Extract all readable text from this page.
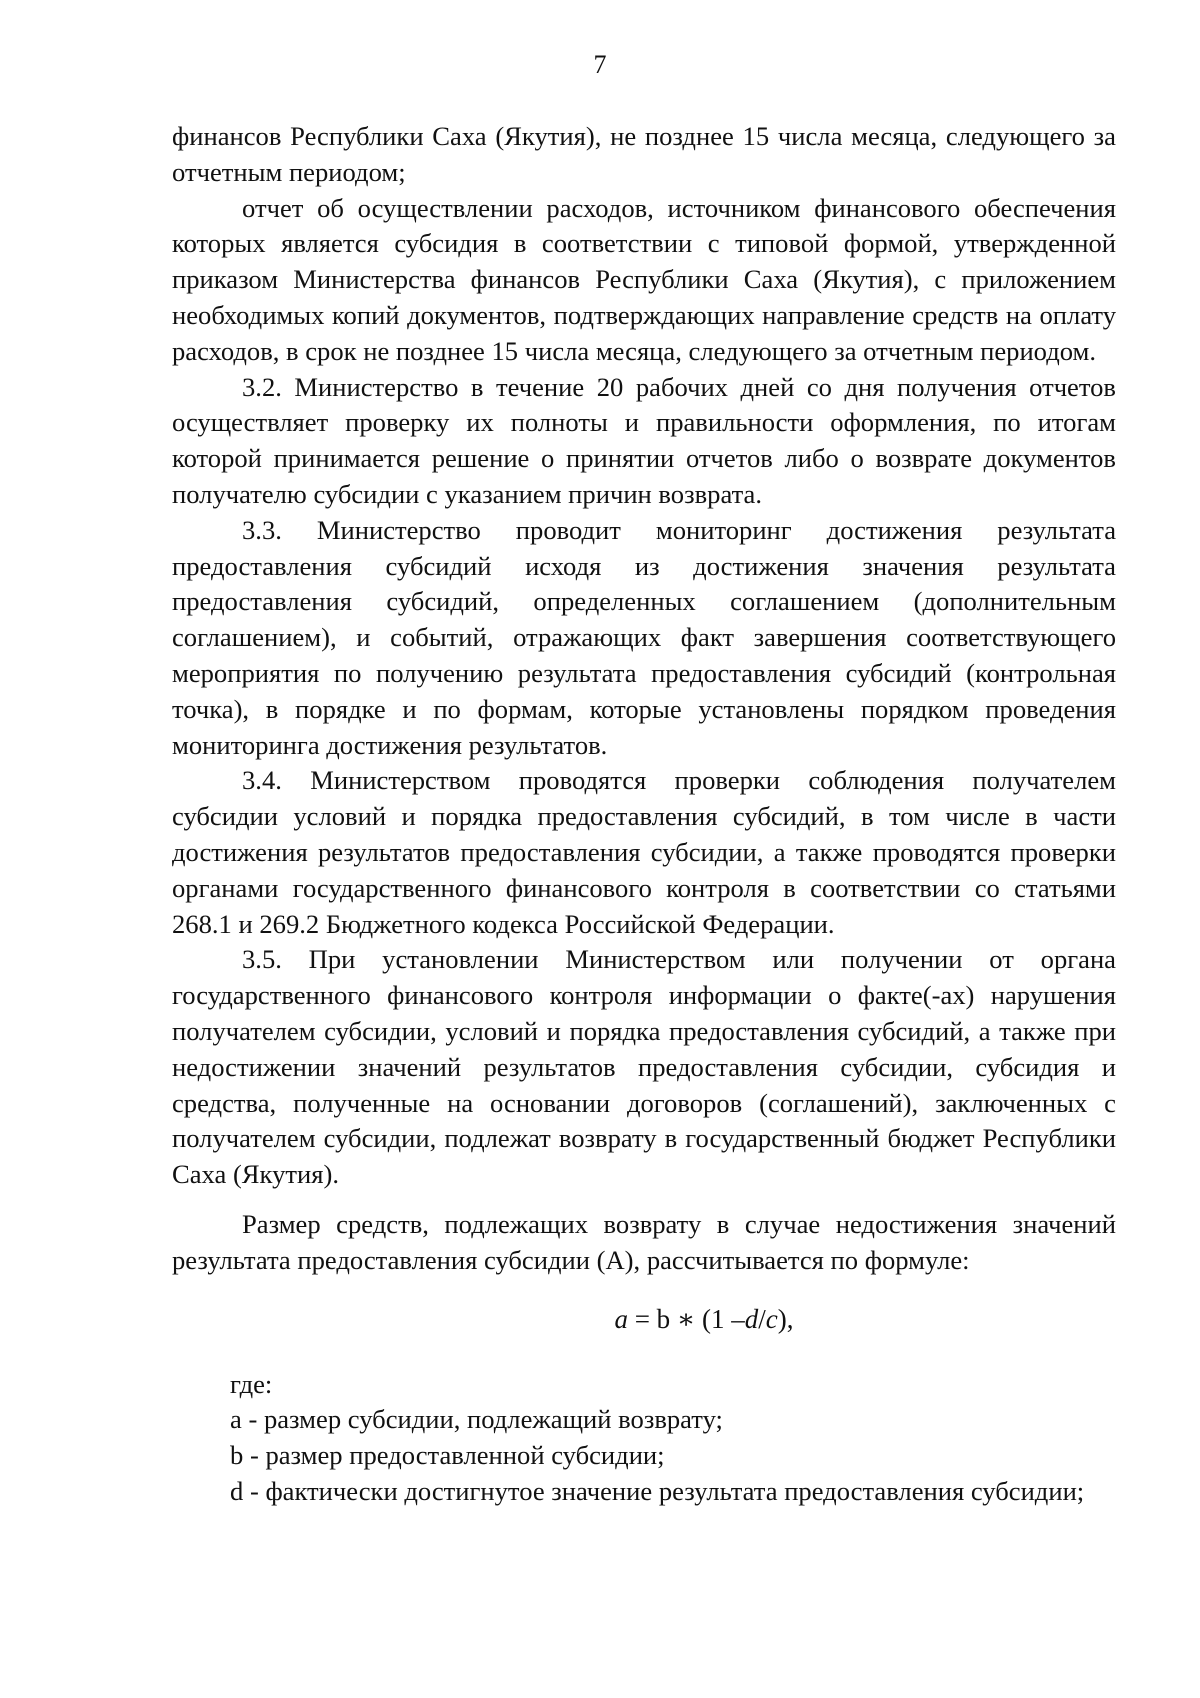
7

финансов Республики Саха (Якутия), не позднее 15 числа месяца, следующего за отчетным периодом;

отчет об осуществлении расходов, источником финансового обеспечения которых является субсидия в соответствии с типовой формой, утвержденной приказом Министерства финансов Республики Саха (Якутия), с приложением необходимых копий документов, подтверждающих направление средств на оплату расходов, в срок не позднее 15 числа месяца, следующего за отчетным периодом.

3.2. Министерство в течение 20 рабочих дней со дня получения отчетов осуществляет проверку их полноты и правильности оформления, по итогам которой принимается решение о принятии отчетов либо о возврате документов получателю субсидии с указанием причин возврата.

3.3. Министерство проводит мониторинг достижения результата предоставления субсидий исходя из достижения значения результата предоставления субсидий, определенных соглашением (дополнительным соглашением), и событий, отражающих факт завершения соответствующего мероприятия по получению результата предоставления субсидий (контрольная точка), в порядке и по формам, которые установлены порядком проведения мониторинга достижения результатов.

3.4. Министерством проводятся проверки соблюдения получателем субсидии условий и порядка предоставления субсидий, в том числе в части достижения результатов предоставления субсидии, а также проводятся проверки органами государственного финансового контроля в соответствии со статьями 268.1 и 269.2 Бюджетного кодекса Российской Федерации.

3.5. При установлении Министерством или получении от органа государственного финансового контроля информации о факте(-ах) нарушения получателем субсидии, условий и порядка предоставления субсидий, а также при недостижении значений результатов предоставления субсидии, субсидия и средства, полученные на основании договоров (соглашений), заключенных с получателем субсидии, подлежат возврату в государственный бюджет Республики Саха (Якутия).

Размер средств, подлежащих возврату в случае недостижения значений результата предоставления субсидии (A), рассчитывается по формуле:

a = b ∗ (1 –d/c),

где:

a - размер субсидии, подлежащий возврату;

b - размер предоставленной субсидии;

d - фактически достигнутое значение результата предоставления субсидии;
